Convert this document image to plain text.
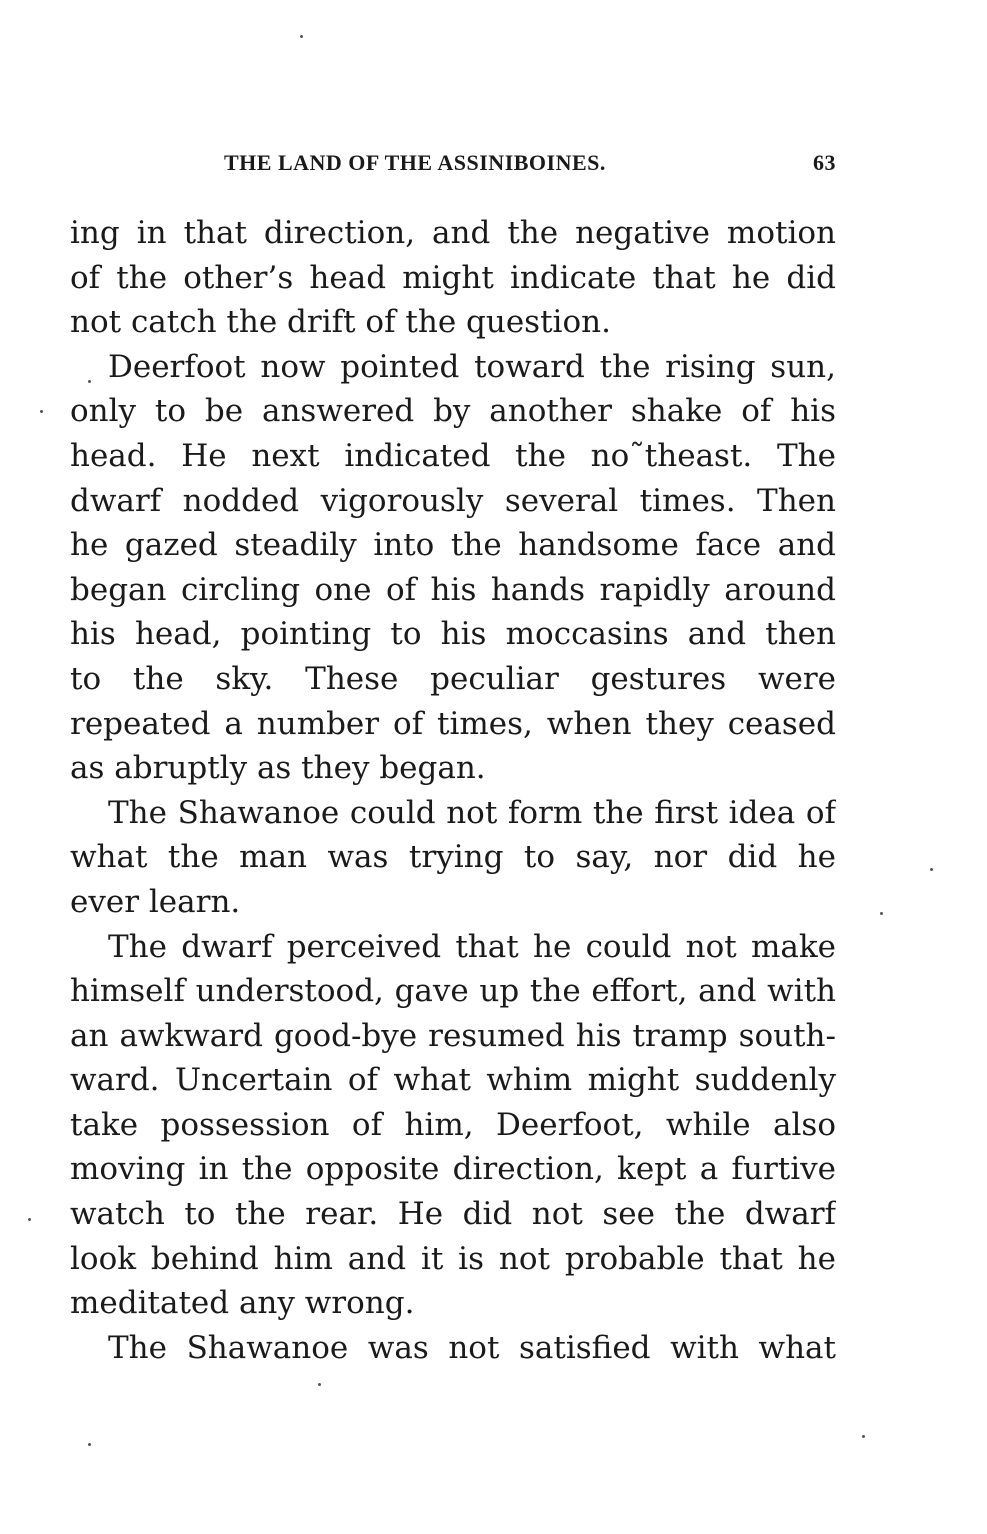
THE LAND OF THE ASSINIBOINES.	63
ing in that direction, and the negative motion
of the other’s head might indicate that he did
not catch the drift of the question.
Deerfoot now pointed toward the rising sun,
only to be answered by another shake of his
head. He next indicated the no˜theast. The
dwarf nodded vigorously several times. Then
he gazed steadily into the handsome face and
began circling one of his hands rapidly around
his head, pointing to his moccasins and then
to the sky. These peculiar gestures were
repeated a number of times, when they ceased
as abruptly as they began.
The Shawanoe could not form the first idea of
what the man was trying to say, nor did he
ever learn.
The dwarf perceived that he could not make
himself understood, gave up the effort, and with
an awkward good-bye resumed his tramp south-
ward. Uncertain of what whim might suddenly
take possession of him, Deerfoot, while also
moving in the opposite direction, kept a furtive
watch to the rear. He did not see the dwarf
look behind him and it is not probable that he
meditated any wrong.
The Shawanoe was not satisfied with what
